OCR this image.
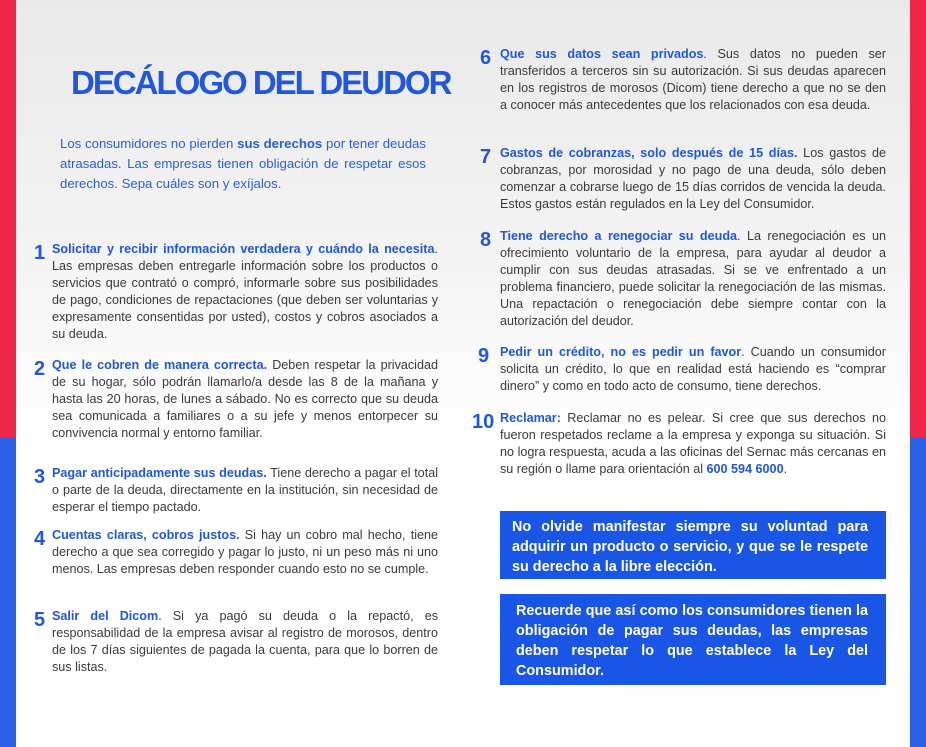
DECÁLOGO DEL DEUDOR
Los consumidores no pierden sus derechos por tener deudas atrasadas. Las empresas tienen obligación de respetar esos derechos. Sepa cuáles son y exíjalos.
1 Solicitar y recibir información verdadera y cuándo la necesita. Las empresas deben entregarle información sobre los productos o servicios que contrató o compró, informarle sobre sus posibilidades de pago, condiciones de repactaciones (que deben ser voluntarias y expresamente consentidas por usted), costos y cobros asociados a su deuda.
2 Que le cobren de manera correcta. Deben respetar la privacidad de su hogar, sólo podrán llamarlo/a desde las 8 de la mañana y hasta las 20 horas, de lunes a sábado. No es correcto que su deuda sea comunicada a familiares o a su jefe y menos entorpecer su convivencia normal y entorno familiar.
3 Pagar anticipadamente sus deudas. Tiene derecho a pagar el total o parte de la deuda, directamente en la institución, sin necesidad de esperar el tiempo pactado.
4 Cuentas claras, cobros justos. Si hay un cobro mal hecho, tiene derecho a que sea corregido y pagar lo justo, ni un peso más ni uno menos. Las empresas deben responder cuando esto no se cumple.
5 Salir del Dicom. Si ya pagó su deuda o la repactó, es responsabilidad de la empresa avisar al registro de morosos, dentro de los 7 días siguientes de pagada la cuenta, para que lo borren de sus listas.
6 Que sus datos sean privados. Sus datos no pueden ser transferidos a terceros sin su autorización. Si sus deudas aparecen en los registros de morosos (Dicom) tiene derecho a que no se den a conocer más antecedentes que los relacionados con esa deuda.
7 Gastos de cobranzas, solo después de 15 días. Los gastos de cobranzas, por morosidad y no pago de una deuda, sólo deben comenzar a cobrarse luego de 15 días corridos de vencida la deuda. Estos gastos están regulados en la Ley del Consumidor.
8 Tiene derecho a renegociar su deuda. La renegociación es un ofrecimiento voluntario de la empresa, para ayudar al deudor a cumplir con sus deudas atrasadas. Si se ve enfrentado a un problema financiero, puede solicitar la renegociación de las mismas. Una repactación o renegociación debe siempre contar con la autorización del deudor.
9 Pedir un crédito, no es pedir un favor. Cuando un consumidor solicita un crédito, lo que en realidad está haciendo es “comprar dinero” y como en todo acto de consumo, tiene derechos.
10 Reclamar: Reclamar no es pelear. Si cree que sus derechos no fueron respetados reclame a la empresa y exponga su situación. Si no logra respuesta, acuda a las oficinas del Sernac más cercanas en su región o llame para orientación al 600 594 6000.
No olvide manifestar siempre su voluntad para adquirir un producto o servicio, y que se le respete su derecho a la libre elección.
Recuerde que así como los consumidores tienen la obligación de pagar sus deudas, las empresas deben respetar lo que establece la Ley del Consumidor.
